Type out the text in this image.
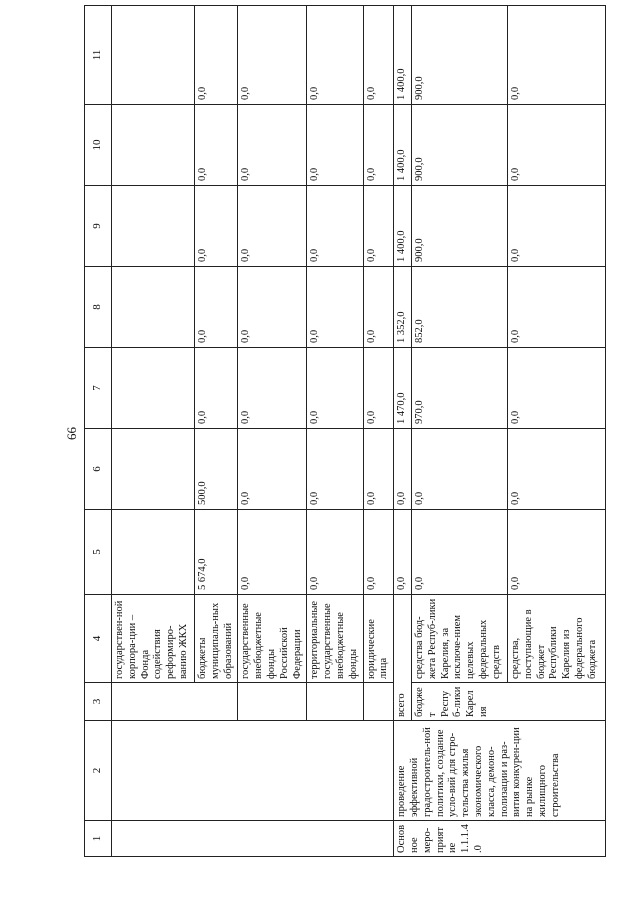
66
1	2	3	4	5	6	7	8	9	10	11
			государствен-ной корпора-ции – Фонда содействия реформиро-ванию ЖКХ							
			бюджеты муниципаль-ных образований	5 674,0	500,0	0,0	0,0	0,0	0,0	0,0
			государственные внебюджетные фонды Российской Федерации	0,0	0,0	0,0	0,0	0,0	0,0	0,0
			территориальные государственные внебюджетные фонды	0,0	0,0	0,0	0,0	0,0	0,0	0,0
			юридические лица	0,0	0,0	0,0	0,0	0,0	0,0	0,0
Основное меро-приятие 1.1.1.4.0	проведение эффективной градостроитель-ной политики, создание усло-вий для стро-тельства жилья экономического класса, демоно-полизации и раз-вития конкурен-ции на рынке жилищного строительства	всего		0,0	0,0	1 470,0	1 352,0	1 400,0	1 400,0	1 400,0
		бюджет Респуб-лики Карелия	средства бюд-жета Респуб-лики Карелия, за исключе-нием целевых федеральных средств	0,0	0,0	970,0	852,0	900,0	900,0	900,0
			средства, поступающие в бюджет Республики Карелия из федерального бюджета	0,0	0,0	0,0	0,0	0,0	0,0	0,0
